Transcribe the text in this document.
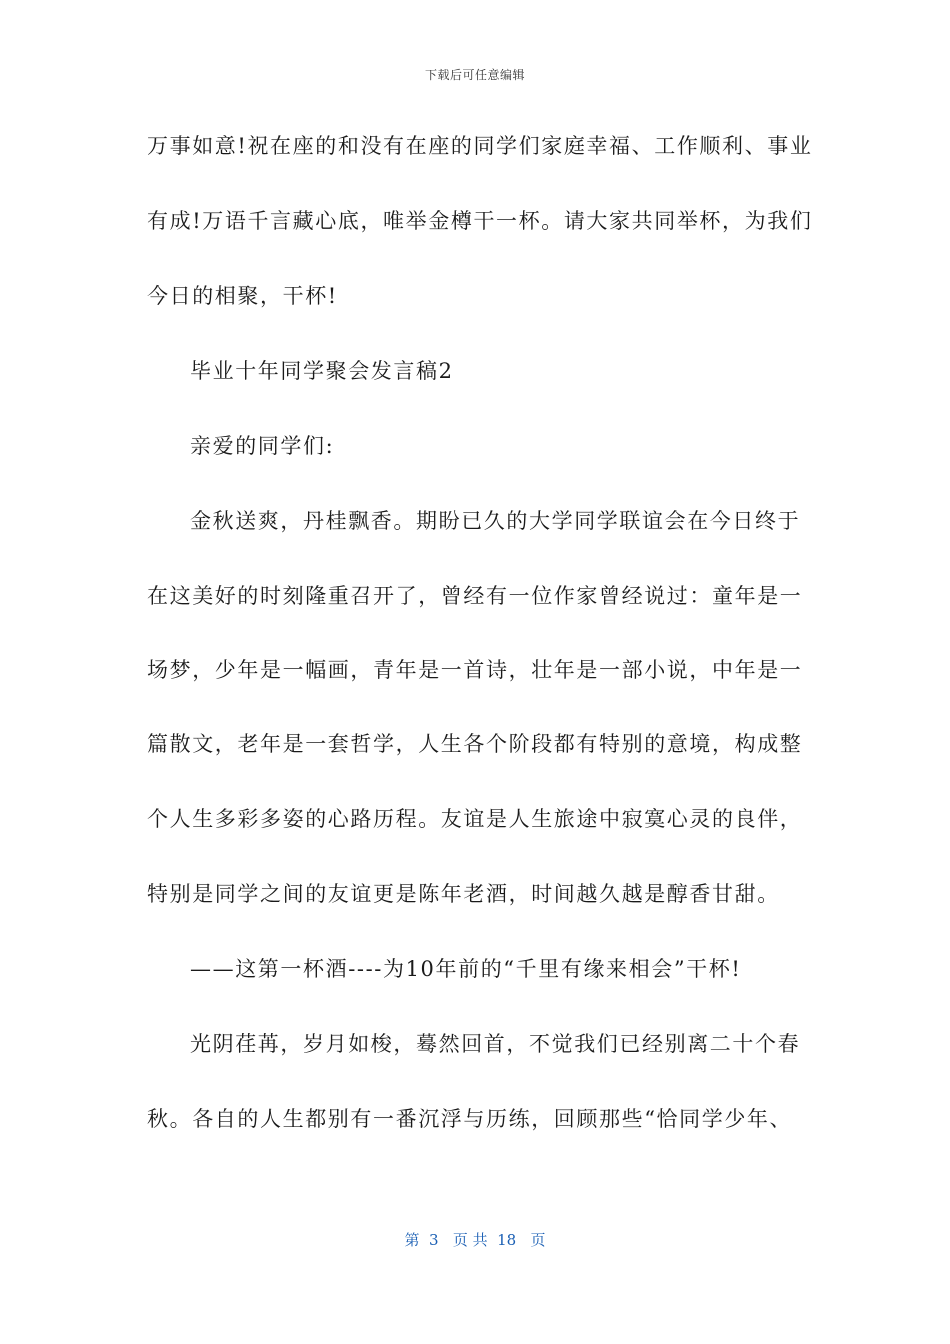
下载后可任意编辑
万事如意!祝在座的和没有在座的同学们家庭幸福、工作顺利、事业
有成!万语千言藏心底，唯举金樽干一杯。请大家共同举杯，为我们
今日的相聚，干杯!
毕业十年同学聚会发言稿2
亲爱的同学们:
金秋送爽，丹桂飘香。期盼已久的大学同学联谊会在今日终于
在这美好的时刻隆重召开了，曾经有一位作家曾经说过：童年是一
场梦，少年是一幅画，青年是一首诗，壮年是一部小说，中年是一
篇散文，老年是一套哲学，人生各个阶段都有特别的意境，构成整
个人生多彩多姿的心路历程。友谊是人生旅途中寂寞心灵的良伴，
特别是同学之间的友谊更是陈年老酒，时间越久越是醇香甘甜。
——这第一杯酒----为10年前的“千里有缘来相会”干杯!
光阴荏苒，岁月如梭，蓦然回首，不觉我们已经别离二十个春
秋。各自的人生都别有一番沉浮与历练，回顾那些“恰同学少年、
第  3   页 共  18   页
